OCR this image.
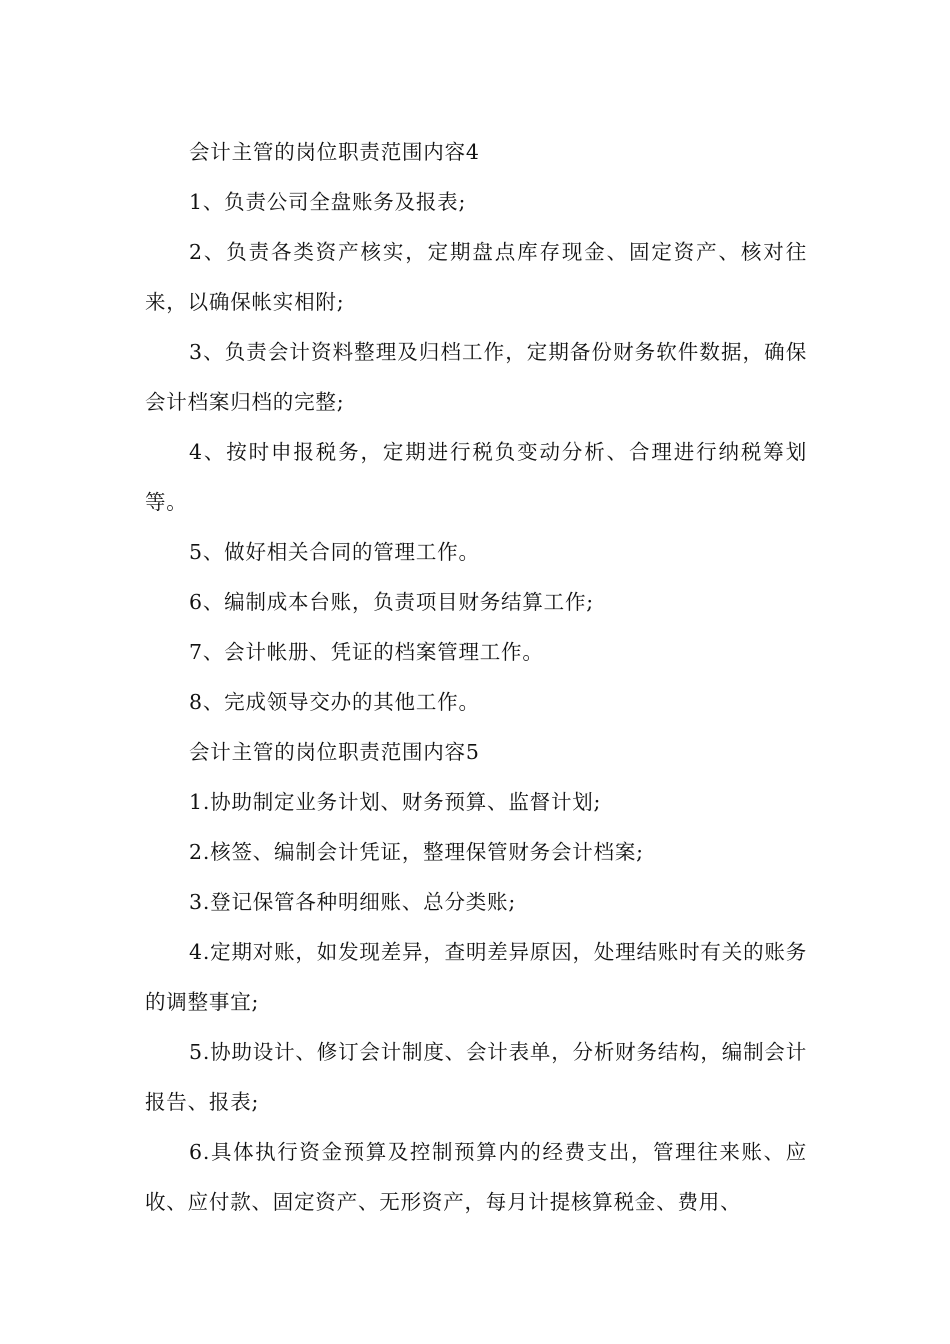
会计主管的岗位职责范围内容4

1、负责公司全盘账务及报表;

2、负责各类资产核实，定期盘点库存现金、固定资产、核对往来，以确保帐实相附;

3、负责会计资料整理及归档工作，定期备份财务软件数据，确保会计档案归档的完整;

4、按时申报税务，定期进行税负变动分析、合理进行纳税筹划等。

5、做好相关合同的管理工作。

6、编制成本台账，负责项目财务结算工作;

7、会计帐册、凭证的档案管理工作。

8、完成领导交办的其他工作。

会计主管的岗位职责范围内容5

1.协助制定业务计划、财务预算、监督计划;

2.核签、编制会计凭证，整理保管财务会计档案;

3.登记保管各种明细账、总分类账;

4.定期对账，如发现差异，查明差异原因，处理结账时有关的账务的调整事宜;

5.协助设计、修订会计制度、会计表单，分析财务结构，编制会计报告、报表;

6.具体执行资金预算及控制预算内的经费支出，管理往来账、应收、应付款、固定资产、无形资产，每月计提核算税金、费用、
